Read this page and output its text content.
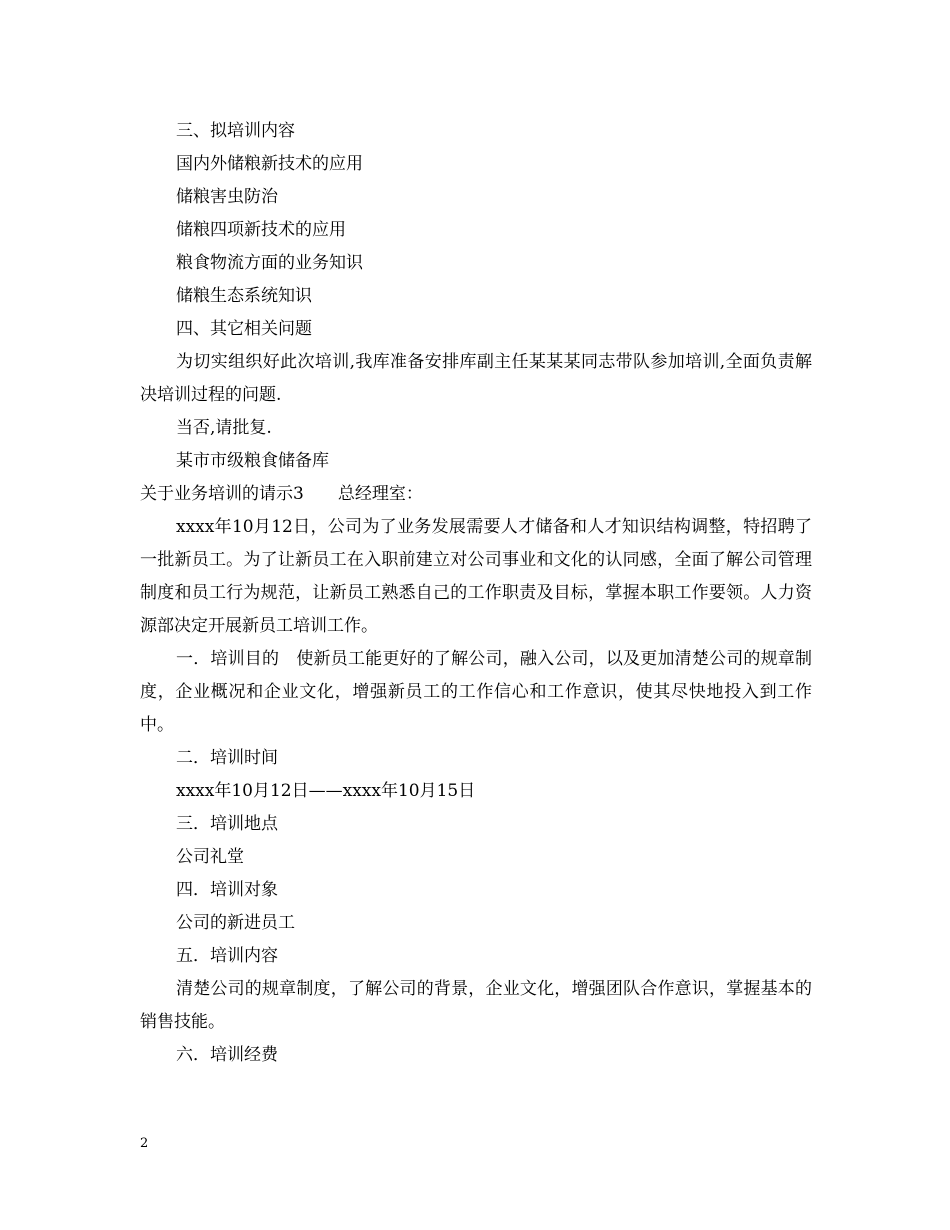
三、拟培训内容

国内外储粮新技术的应用

储粮害虫防治

储粮四项新技术的应用

粮食物流方面的业务知识

储粮生态系统知识

四、其它相关问题

为切实组织好此次培训,我库准备安排库副主任某某某同志带队参加培训,全面负责解决培训过程的问题.

当否,请批复.

某市市级粮食储备库

关于业务培训的请示3　　总经理室：

xxxx年10月12日，公司为了业务发展需要人才储备和人才知识结构调整，特招聘了一批新员工。为了让新员工在入职前建立对公司事业和文化的认同感，全面了解公司管理制度和员工行为规范，让新员工熟悉自己的工作职责及目标，掌握本职工作要领。人力资源部决定开展新员工培训工作。

一．培训目的　使新员工能更好的了解公司，融入公司，以及更加清楚公司的规章制度，企业概况和企业文化，增强新员工的工作信心和工作意识，使其尽快地投入到工作中。

二．培训时间

xxxx年10月12日——xxxx年10月15日

三．培训地点

公司礼堂

四．培训对象

公司的新进员工

五．培训内容

清楚公司的规章制度，了解公司的背景，企业文化，增强团队合作意识，掌握基本的销售技能。

六．培训经费

2
